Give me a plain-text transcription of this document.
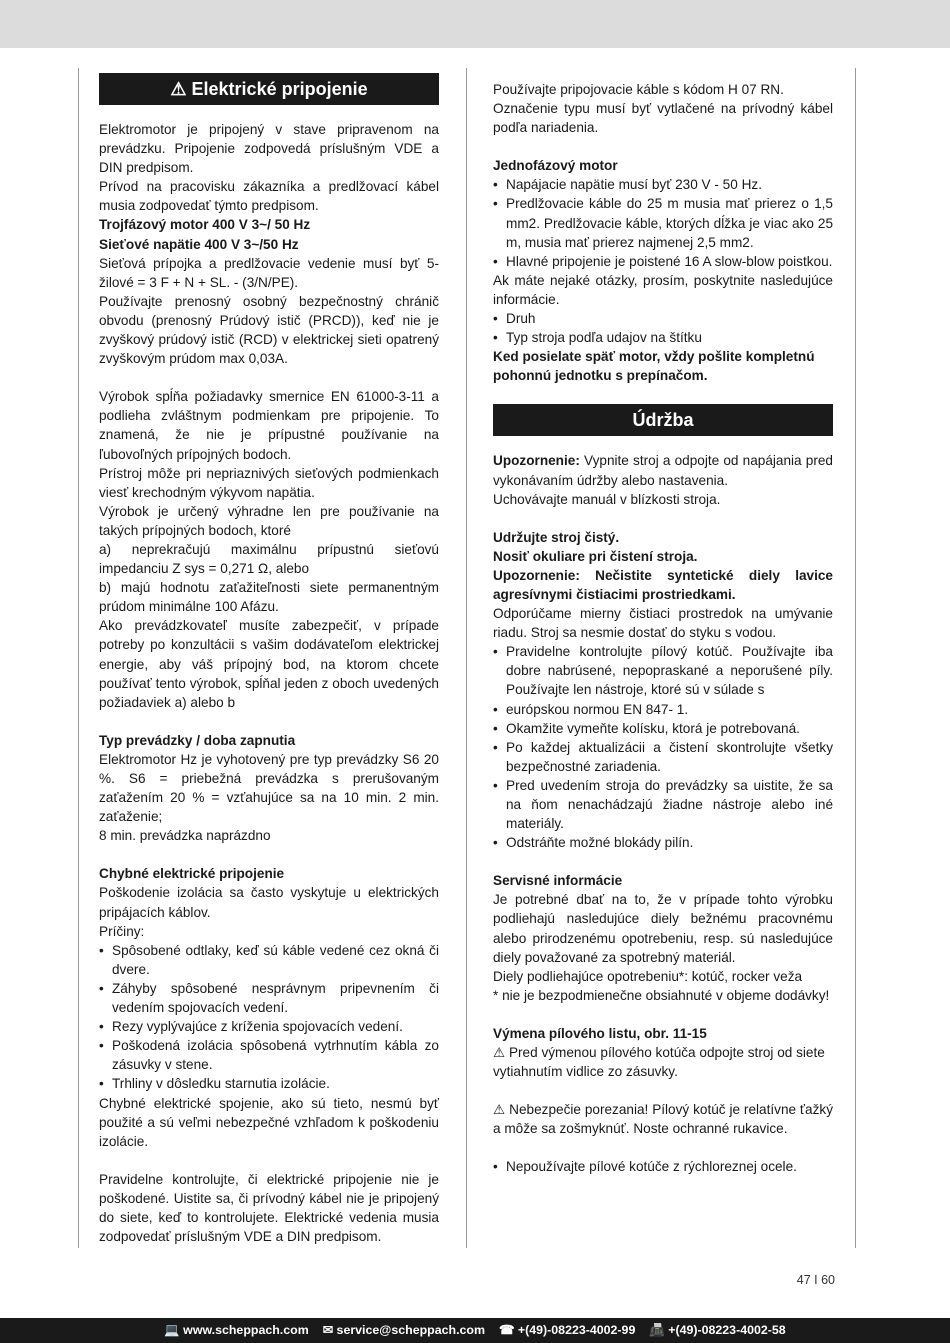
⚠ Elektrické pripojenie

Elektromotor je pripojený v stave pripravenom na prevádzku. Pripojenie zodpovedá príslušným VDE a DIN predpisom.

Prívod na pracovisku zákazníka a predlžovací kábel musia zodpovedať týmto predpisom.

Trojfázový motor 400 V 3~/ 50 Hz

Sieťové napätie 400 V 3~/50 Hz

Sieťová prípojka a predlžovacie vedenie musí byť 5-žilové = 3 F + N + SL. - (3/N/PE).

Používajte prenosný osobný bezpečnostný chránič obvodu (prenosný Prúdový istič (PRCD)), keď nie je zvyškový prúdový istič (RCD) v elektrickej sieti opatrený zvyškovým prúdom max 0,03A.

Výrobok spĺňa požiadavky smernice EN 61000-3-11 a podlieha zvláštnym podmienkam pre pripojenie. To znamená, že nie je prípustné používanie na ľubovoľných prípojných bodoch.

Prístroj môže pri nepriaznivých sieťových podmienkach viesť krechodným výkyvom napätia.

Výrobok je určený výhradne len pre používanie na takých prípojných bodoch, ktoré

a) neprekračujú maximálnu prípustnú sieťovú impedanciu Z sys = 0,271 Ω, alebo

b) majú hodnotu zaťažiteľnosti siete permanentným prúdom minimálne 100 Afázu.

Ako prevádzkovateľ musíte zabezpečiť, v prípade potreby po konzultácii s vašim dodávateľom elektrickej energie, aby váš prípojný bod, na ktorom chcete používať tento výrobok, spĺňal jeden z oboch uvedených požiadaviek a) alebo b

Typ prevádzky / doba zapnutia

Elektromotor Hz je vyhotovený pre typ prevádzky S6 20 %. S6 = priebežná prevádzka s prerušovaným zaťažením 20 % = vzťahujúce sa na 10 min. 2 min. zaťaženie;

8 min. prevádzka naprázdno

Chybné elektrické pripojenie

Poškodenie izolácia sa často vyskytuje u elektrických pripájacích káblov.

Príčiny:

• Spôsobené odtlaky, keď sú káble vedené cez okná či dvere.
• Záhyby spôsobené nesprávnym pripevnením či vedením spojovacích vedení.
• Rezy vyplývajúce z kríženia spojovacích vedení.
• Poškodená izolácia spôsobená vytrhnutím kábla zo zásuvky v stene.
• Trhliny v dôsledku starnutia izolácie.

Chybné elektrické spojenie, ako sú tieto, nesmú byť použité a sú veľmi nebezpečné vzhľadom k poškodeniu izolácie.

Pravidelne kontrolujte, či elektrické pripojenie nie je poškodené. Uistite sa, či prívodný kábel nie je pripojený do siete, keď to kontrolujete. Elektrické vedenia musia zodpovedať príslušným VDE a DIN predpisom.

Používajte pripojovacie káble s kódom H 07 RN.

Označenie typu musí byť vytlačené na prívodný kábel podľa nariadenia.

Jednofázový motor

• Napájacie napätie musí byť 230 V - 50 Hz.
• Predlžovacie káble do 25 m musia mať prierez o 1,5 mm2. Predlžovacie káble, ktorých dĺžka je viac ako 25 m, musia mať prierez najmenej 2,5 mm2.
• Hlavné pripojenie je poistené 16 A slow-blow poistkou.

Ak máte nejaké otázky, prosím, poskytnite nasledujúce informácie.

• Druh
• Typ stroja podľa udajov na štítku

Ked posielate späť motor, vždy pošlite kompletnú pohonnú jednotku s prepínačom.

Údržba

Upozornenie: Vypnite stroj a odpojte od napájania pred vykonávaním údržby alebo nastavenia.

Uchovávajte manuál v blízkosti stroja.

Udržujte stroj čistý.

Nosiť okuliare pri čistení stroja.

Upozornenie: Nečistite syntetické diely lavice agresívnymi čistiacimi prostriedkami.

Odporúčame mierny čistiaci prostredok na umývanie riadu. Stroj sa nesmie dostať do styku s vodou.

• Pravidelne kontrolujte pílový kotúč. Používajte iba dobre nabrúsené, nepopraskané a neporušené píly. Používajte len nástroje, ktoré sú v súlade s
• európskou normou EN 847- 1.
• Okamžite vymeňte kolísku, ktorá je potrebovaná.
• Po každej aktualizácii a čistení skontrolujte všetky bezpečnostné zariadenia.
• Pred uvedením stroja do prevádzky sa uistite, že sa na ňom nenachádzajú žiadne nástroje alebo iné materiály.
• Odstráňte možné blokády pilín.

Servisné informácie

Je potrebné dbať na to, že v prípade tohto výrobku podliehajú nasledujúce diely bežnému pracovnému alebo prirodzenému opotrebeniu, resp. sú nasledujúce diely považované za spotrebný materiál.

Diely podliehajúce opotrebeniu*: kotúč, rocker veža

* nie je bezpodmienečne obsiahnuté v objeme dodávky!

Výmena pílového listu, obr. 11-15

⚠ Pred výmenou pílového kotúča odpojte stroj od siete

vytiahnutím vidlice zo zásuvky.

⚠ Nebezpečie porezania! Pílový kotúč je relatívne ťažký a môže sa zošmyknúť. Noste ochranné rukavice.

• Nepoužívajte pílové kotúče z rýchloreznej ocele.
47 I 60
💻 www.scheppach.com ✉ service@scheppach.com ☎ +(49)-08223-4002-99 📠 +(49)-08223-4002-58
